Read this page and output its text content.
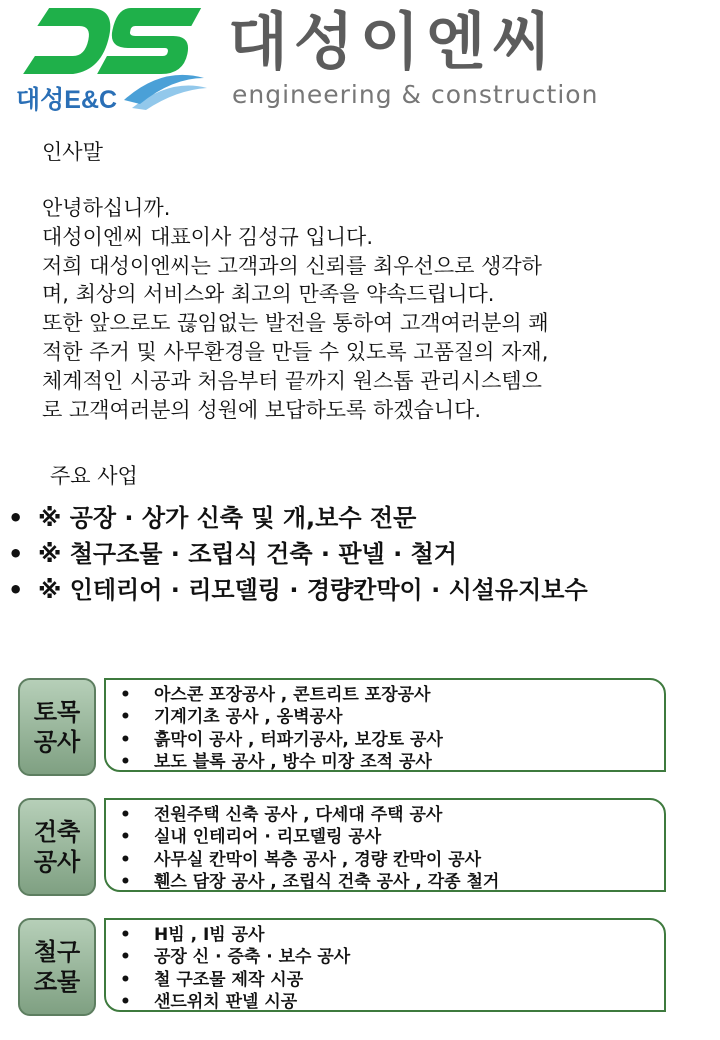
대성E&C
대성이엔씨
engineering & construction
인사말
안녕하십니까.
대성이엔씨 대표이사 김성규 입니다.
저희 대성이엔씨는 고객과의 신뢰를 최우선으로 생각하
며, 최상의 서비스와 최고의 만족을 약속드립니다.
또한 앞으로도 끊임없는 발전을 통하여 고객여러분의 쾌
적한 주거 및 사무환경을 만들 수 있도록 고품질의 자재,
체계적인 시공과 처음부터 끝까지 원스톱 관리시스템으
로 고객여러분의 성원에 보답하도록 하겠습니다.
주요 사업
• ※ 공장 · 상가 신축 및 개,보수 전문
• ※ 철구조물 · 조립식 건축 · 판넬 · 철거
• ※ 인테리어 · 리모델링 · 경량칸막이 · 시설유지보수
토목
공사
• 아스콘 포장공사 , 콘트리트 포장공사
• 기계기초 공사 , 옹벽공사
• 흙막이 공사 , 터파기공사, 보강토 공사
• 보도 블록 공사 , 방수 미장 조적 공사
건축
공사
• 전원주택 신축 공사 , 다세대 주택 공사
• 실내 인테리어 · 리모델링 공사
• 사무실 칸막이 복층 공사 , 경량 칸막이 공사
• 휀스 담장 공사 , 조립식 건축 공사 , 각종 철거
철구
조물
• H빔 , I빔 공사
• 공장 신 · 증축 · 보수 공사
• 철 구조물 제작 시공
• 샌드위치 판넬 시공
